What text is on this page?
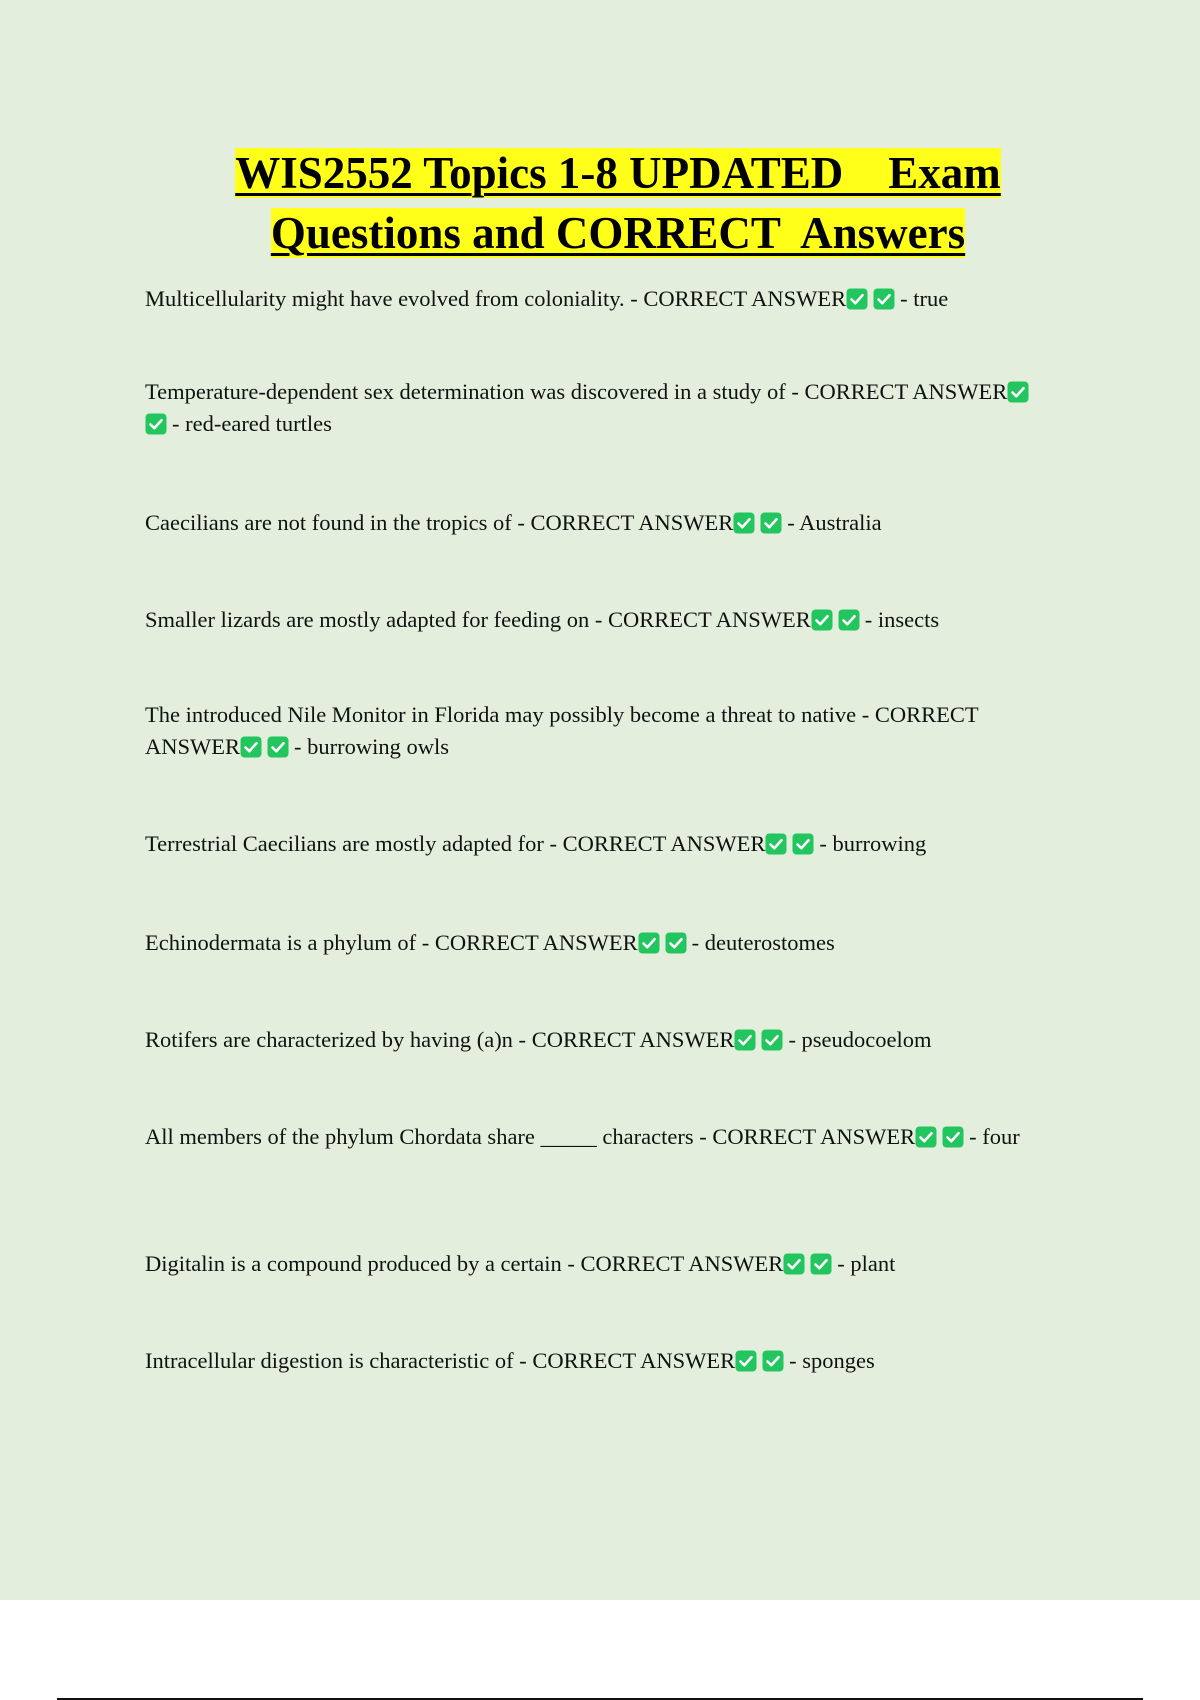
WIS2552 Topics 1-8 UPDATED    Exam
Questions and CORRECT  Answers

Multicellularity might have evolved from coloniality. - CORRECT ANSWER - true

Temperature-dependent sex determination was discovered in a study of - CORRECT ANSWER
- red-eared turtles

Caecilians are not found in the tropics of - CORRECT ANSWER - Australia

Smaller lizards are mostly adapted for feeding on - CORRECT ANSWER - insects

The introduced Nile Monitor in Florida may possibly become a threat to native - CORRECT ANSWER - burrowing owls

Terrestrial Caecilians are mostly adapted for - CORRECT ANSWER - burrowing

Echinodermata is a phylum of - CORRECT ANSWER - deuterostomes

Rotifers are characterized by having (a)n - CORRECT ANSWER - pseudocoelom

All members of the phylum Chordata share _____ characters - CORRECT ANSWER - four

Digitalin is a compound produced by a certain - CORRECT ANSWER - plant

Intracellular digestion is characteristic of - CORRECT ANSWER - sponges
